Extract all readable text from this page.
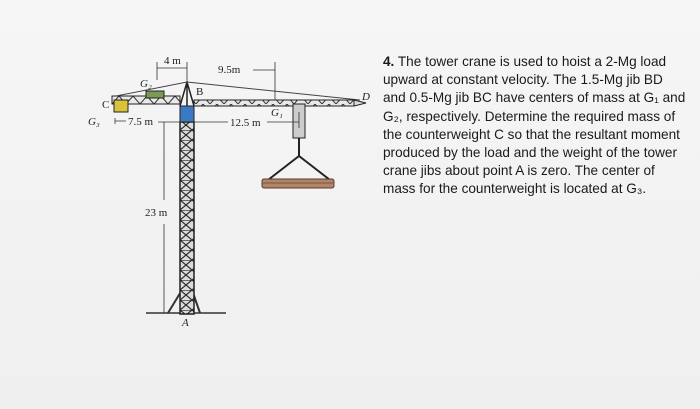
4 m
9.5m
7.5 m	12.5 m
23 m
B
C
D
A
G₁
G₂
G₃
4. The tower crane is used to hoist a 2-Mg load upward at constant velocity. The 1.5-Mg jib BD and 0.5-Mg jib BC have centers of mass at G₁ and G₂, respectively. Determine the required mass of the counterweight C so that the resultant moment produced by the load and the weight of the tower crane jibs about point A is zero. The center of mass for the counterweight is located at G₃.
